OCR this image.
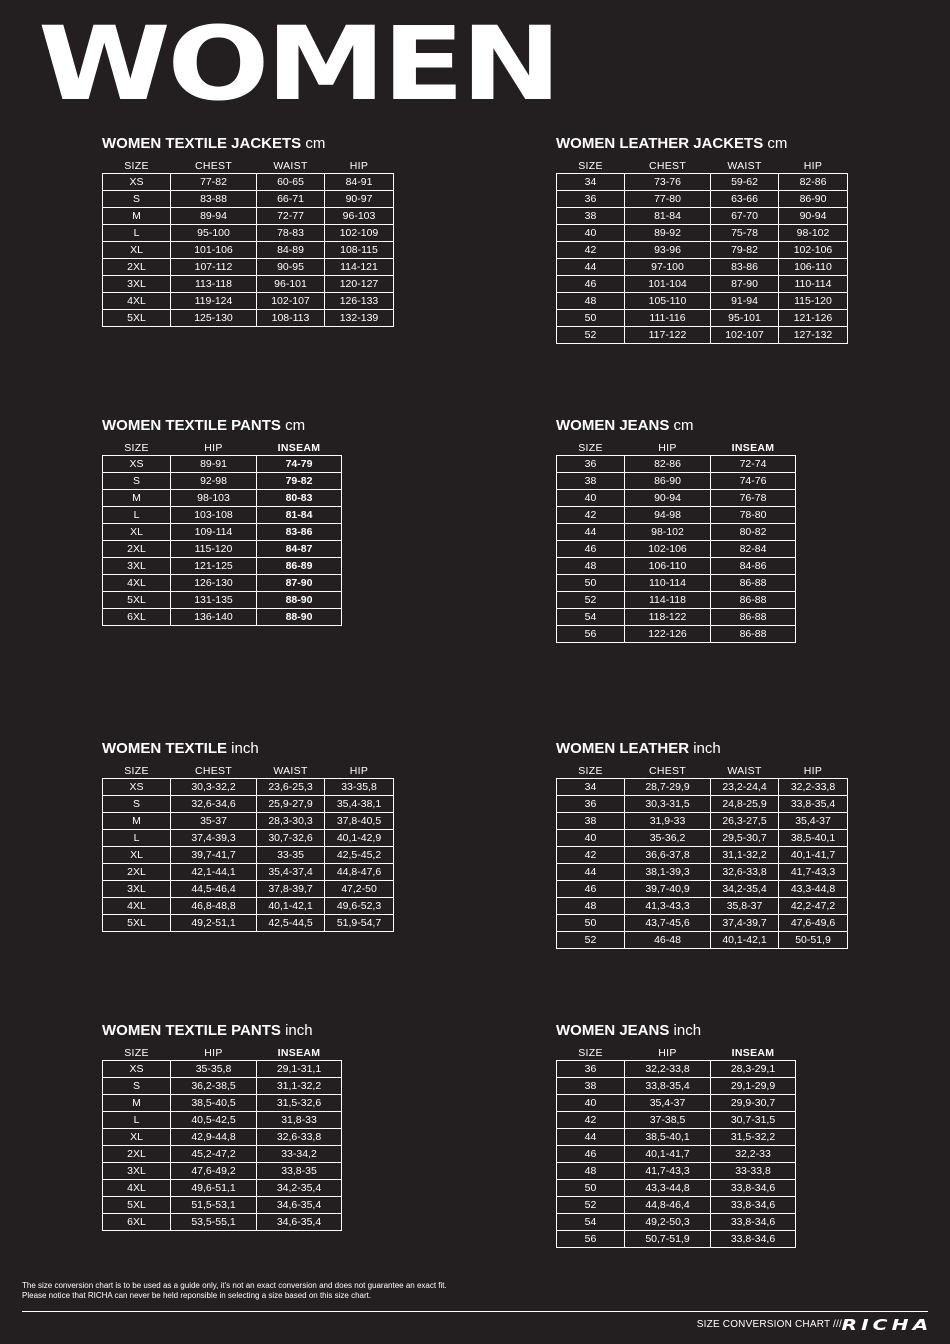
WOMEN
WOMEN TEXTILE JACKETS cm
SIZE	CHEST	WAIST	HIP
XS	77-82	60-65	84-91
S	83-88	66-71	90-97
M	89-94	72-77	96-103
L	95-100	78-83	102-109
XL	101-106	84-89	108-115
2XL	107-112	90-95	114-121
3XL	113-118	96-101	120-127
4XL	119-124	102-107	126-133
5XL	125-130	108-113	132-139
WOMEN LEATHER JACKETS cm
SIZE	CHEST	WAIST	HIP
34	73-76	59-62	82-86
36	77-80	63-66	86-90
38	81-84	67-70	90-94
40	89-92	75-78	98-102
42	93-96	79-82	102-106
44	97-100	83-86	106-110
46	101-104	87-90	110-114
48	105-110	91-94	115-120
50	111-116	95-101	121-126
52	117-122	102-107	127-132
WOMEN TEXTILE PANTS cm
SIZE	HIP	INSEAM
XS	89-91	74-79
S	92-98	79-82
M	98-103	80-83
L	103-108	81-84
XL	109-114	83-86
2XL	115-120	84-87
3XL	121-125	86-89
4XL	126-130	87-90
5XL	131-135	88-90
6XL	136-140	88-90
WOMEN JEANS cm
SIZE	HIP	INSEAM
36	82-86	72-74
38	86-90	74-76
40	90-94	76-78
42	94-98	78-80
44	98-102	80-82
46	102-106	82-84
48	106-110	84-86
50	110-114	86-88
52	114-118	86-88
54	118-122	86-88
56	122-126	86-88
WOMEN TEXTILE inch
SIZE	CHEST	WAIST	HIP
XS	30,3-32,2	23,6-25,3	33-35,8
S	32,6-34,6	25,9-27,9	35,4-38,1
M	35-37	28,3-30,3	37,8-40,5
L	37,4-39,3	30,7-32,6	40,1-42,9
XL	39,7-41,7	33-35	42,5-45,2
2XL	42,1-44,1	35,4-37,4	44,8-47,6
3XL	44,5-46,4	37,8-39,7	47,2-50
4XL	46,8-48,8	40,1-42,1	49,6-52,3
5XL	49,2-51,1	42,5-44,5	51,9-54,7
WOMEN LEATHER inch
SIZE	CHEST	WAIST	HIP
34	28,7-29,9	23,2-24,4	32,2-33,8
36	30,3-31,5	24,8-25,9	33,8-35,4
38	31,9-33	26,3-27,5	35,4-37
40	35-36,2	29,5-30,7	38,5-40,1
42	36,6-37,8	31,1-32,2	40,1-41,7
44	38,1-39,3	32,6-33,8	41,7-43,3
46	39,7-40,9	34,2-35,4	43,3-44,8
48	41,3-43,3	35,8-37	42,2-47,2
50	43,7-45,6	37,4-39,7	47,6-49,6
52	46-48	40,1-42,1	50-51,9
WOMEN TEXTILE PANTS inch
SIZE	HIP	INSEAM
XS	35-35,8	29,1-31,1
S	36,2-38,5	31,1-32,2
M	38,5-40,5	31,5-32,6
L	40,5-42,5	31,8-33
XL	42,9-44,8	32,6-33,8
2XL	45,2-47,2	33-34,2
3XL	47,6-49,2	33,8-35
4XL	49,6-51,1	34,2-35,4
5XL	51,5-53,1	34,6-35,4
6XL	53,5-55,1	34,6-35,4
WOMEN JEANS inch
SIZE	HIP	INSEAM
36	32,2-33,8	28,3-29,1
38	33,8-35,4	29,1-29,9
40	35,4-37	29,9-30,7
42	37-38,5	30,7-31,5
44	38,5-40,1	31,5-32,2
46	40,1-41,7	32,2-33
48	41,7-43,3	33-33,8
50	43,3-44,8	33,8-34,6
52	44,8-46,4	33,8-34,6
54	49,2-50,3	33,8-34,6
56	50,7-51,9	33,8-34,6
The size conversion chart is to be used as a guide only, it's not an exact conversion and does not guarantee an exact fit.
Please notice that RICHA can never be held reponsible in selecting a size based on this size chart.
SIZE CONVERSION CHART /// RICHA
